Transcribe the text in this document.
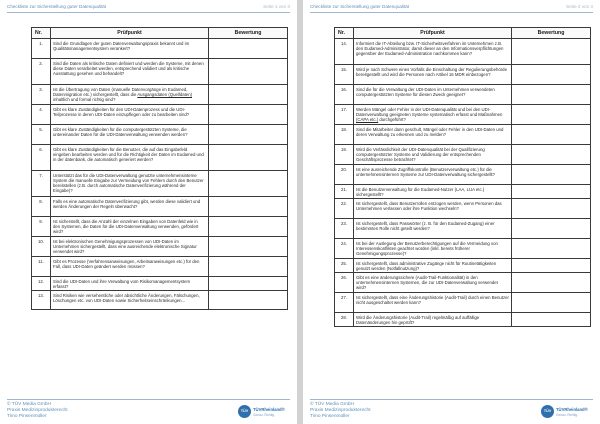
Checkliste zur Sicherstellung guter Datenqualität	Seite 1 von 3
Nr.	Prüfpunkt	Bewertung
1.	Sind die Grundlagen der guten Datenverwaltungspraxis bekannt und im Qualitätsmanagementsystem verankert?	
2.	Sind die Daten als kritische Daten definiert und werden die Systeme, mit denen diese Daten verarbeitet werden, entsprechend validiert und als kritische Ausstattung gesehen und behandelt?	
3.	Ist die Übertragung von Daten (manuelle Datenvorgänge im Eudamed, Datenmigration etc.) sichergestellt, dass die Ausgangsdaten (Quelldaten) inhaltlich und formal richtig sind?	
4.	Gibt es klare Zuständigkeiten für den UDI-Datenprozess und die UDI-Teilprozesse in deren UDI-Daten einzupflegen oder zu bearbeiten sind?	
5.	Gibt es klare Zuständigkeiten für die computergestützten Systeme, die untereinander Daten für die UDI-Datenverwaltung verwenden werden?	
6.	Gibt es klare Zuständigkeiten für die Benutzer, die auf das Eingabefeld eingeben bearbeiten werden und für die Richtigkeit der Daten im Eudamed und in der datenbank, die automatisch generiert werden?	
7.	Unterstützt das für die UDI-Datenverwaltung genutzte unternehmensinterne System die manuelle Eingabe zur Vermeidung von Fehlern durch den Benutzer bereitstellen (z.B. durch automatische Datenverifizierung während der Eingabe)?	
8.	Falls es eine automatische Datenverifizierung gibt, werden diese validiert und werden Änderungen der Regeln überwacht?	
9.	Ist sicherstellt, dass die Anzahl der einzelnen Eingaben von Datenfeld wie in den Systemen, die Daten für die UDI-Datenverwaltung verwenden, gefördert wird?	
10.	Ist bei elektronischen Genehmigungsprozessen von UDI-Daten im Unternehmen sichergestellt, dass eine ausreichende elektronische Signatur verwendet wird?	
11.	Gibt es Prozesse (Verfahrensanweisungen, Arbeitsanweisungen etc.) für den Fall, dass UDI-Daten geändert werden müssen?	
12.	Sind die UDI-Daten und ihre Verwaltung vom Risikomanagementsystem erfasst?	
13.	Sind Risiken wie versehentliche oder absichtliche Änderungen, Fälschungen, Löschungen etc. von UDI-Daten sowie Sicherheitseinschränkungen...	
© TÜV Media GmbH
Praxis Medizinprodukterecht
Timo Pinsenmüller
TÜV	TÜVRheinland®
Genau. Richtig.
Checkliste zur Sicherstellung guter Datenqualität	Seite 2 von 3
Nr.	Prüfpunkt	Bewertung
14.	Informiert die IT-Abteilung bzw. IT-Sicherheitsverfahren im Unternehmen z.B. den Eudamed-Administrator, damit dieser an den Informationsverpflichtungen gegenüber der Eudamed-Administration nachkommen kann?	
15.	Wird je nach Schwere eines Vorfalls die Einschaltung der Regulierungsbehörde bereitgestellt und wird die Personen nach Artikel 16 MDR einbezogen?	
16.	Sind die für die Verwaltung der UDI-Daten im Unternehmen verwendeten computergestützten Systeme für diesen Zweck geeignet?	
17.	Werden Mängel oder Fehler in der UDI-Datenqualität und bei den UDI-Datenverwaltung geeigneten Systeme systematisch erfasst und Maßnahmen (CAPA etc.) durchgeführt?	
18.	Sind die Mitarbeiter dann geschult, Mängel oder Fehler in den UDI-Daten und deren Verwaltung zu erkennen und zu melden?	
19.	Wird die Verlässlichkeit der UDI-Datenqualität bei der Qualifizierung computergestützter Systeme und Validierung der entsprechenden Geschäftsprozesse betrachtet?	
20.	Ist eine ausreichende Zugriffskontrolle (Benutzerverwaltung etc.) für die unternehmensinternen Systeme zur UDI-Datenverwaltung sichergestellt?	
21.	Ist die Benutzerverwaltung für die Eudamed-Nutzer (LAA, LUA etc.) sichergestellt?	
22.	Ist sichergestellt, dass Benutzerrollen entzogen werden, wenn Personen das Unternehmen verlassen oder ihre Funktion wechseln?	
23.	Ist sichergestellt, dass Passwörter (z. B. für den Eudamed-Zugang) einer bestimmten Rolle nicht geteilt werden?	
24.	Ist bei der Auslegung der Benutzerberechtigungen auf die Vermeidung von Interessenskonflikten geachtet worden (inkl. bereits früherer Genehmigungsprozesse)?	
25.	Ist sichergestellt, dass administrative Zugänge nicht für Routinetätigkeiten genutzt werden (Notfallnutzung)?	
26.	Gibt es eine änderungssichere (Audit-Trail-Funktionalität) in den unternehmensinternen Systemen, die zur UDI-Datenverwaltung verwendet wird?	
27.	Ist sichergestellt, dass eine Änderungshistorie (Audit-Trail) durch einen Benutzer nicht ausgeschaltet werden kann?	
28.	Wird die Änderungshistorie (Audit-Trail) regelmäßig auf auffällige Datenänderungen hin geprüft?	
© TÜV Media GmbH
Praxis Medizinprodukterecht
Timo Pinsenmüller
TÜV	TÜVRheinland®
Genau. Richtig.
